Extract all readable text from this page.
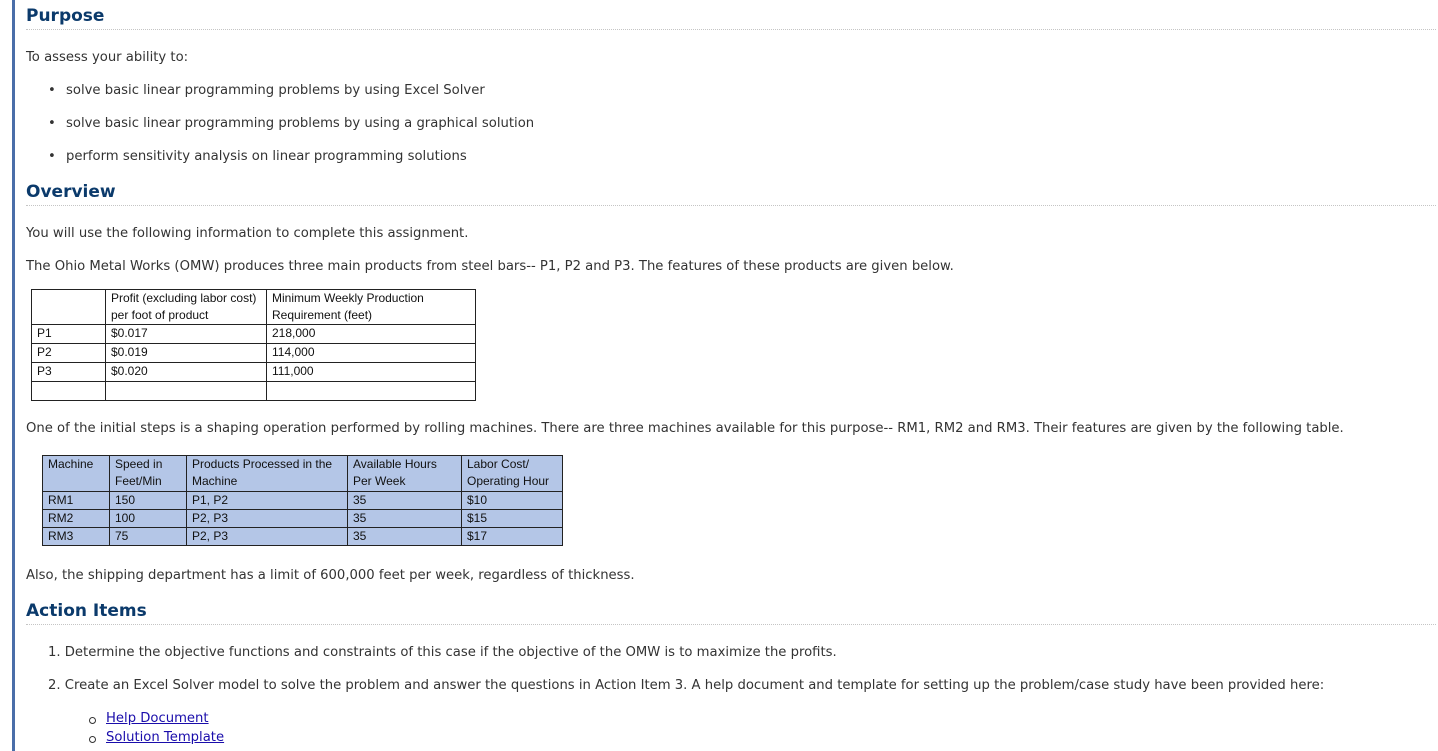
Purpose

To assess your ability to:

• solve basic linear programming problems by using Excel Solver
• solve basic linear programming problems by using a graphical solution
• perform sensitivity analysis on linear programming solutions
Overview

You will use the following information to complete this assignment.

The Ohio Metal Works (OMW) produces three main products from steel bars-- P1, P2 and P3. The features of these products are given below.

	Profit (excluding labor cost) per foot of product	Minimum Weekly Production Requirement (feet)
P1	$0.017	218,000
P2	$0.019	114,000
P3	$0.020	111,000

One of the initial steps is a shaping operation performed by rolling machines. There are three machines available for this purpose-- RM1, RM2 and RM3. Their features are given by the following table.

Machine	Speed in Feet/Min	Products Processed in the Machine	Available Hours Per Week	Labor Cost/ Operating Hour
RM1	150	P1, P2	35	$10
RM2	100	P2, P3	35	$15
RM3	75	P2, P3	35	$17

Also, the shipping department has a limit of 600,000 feet per week, regardless of thickness.

Action Items
1. Determine the objective functions and constraints of this case if the objective of the OMW is to maximize the profits.
2. Create an Excel Solver model to solve the problem and answer the questions in Action Item 3. A help document and template for setting up the problem/case study have been provided here:
Help Document
Solution Template
